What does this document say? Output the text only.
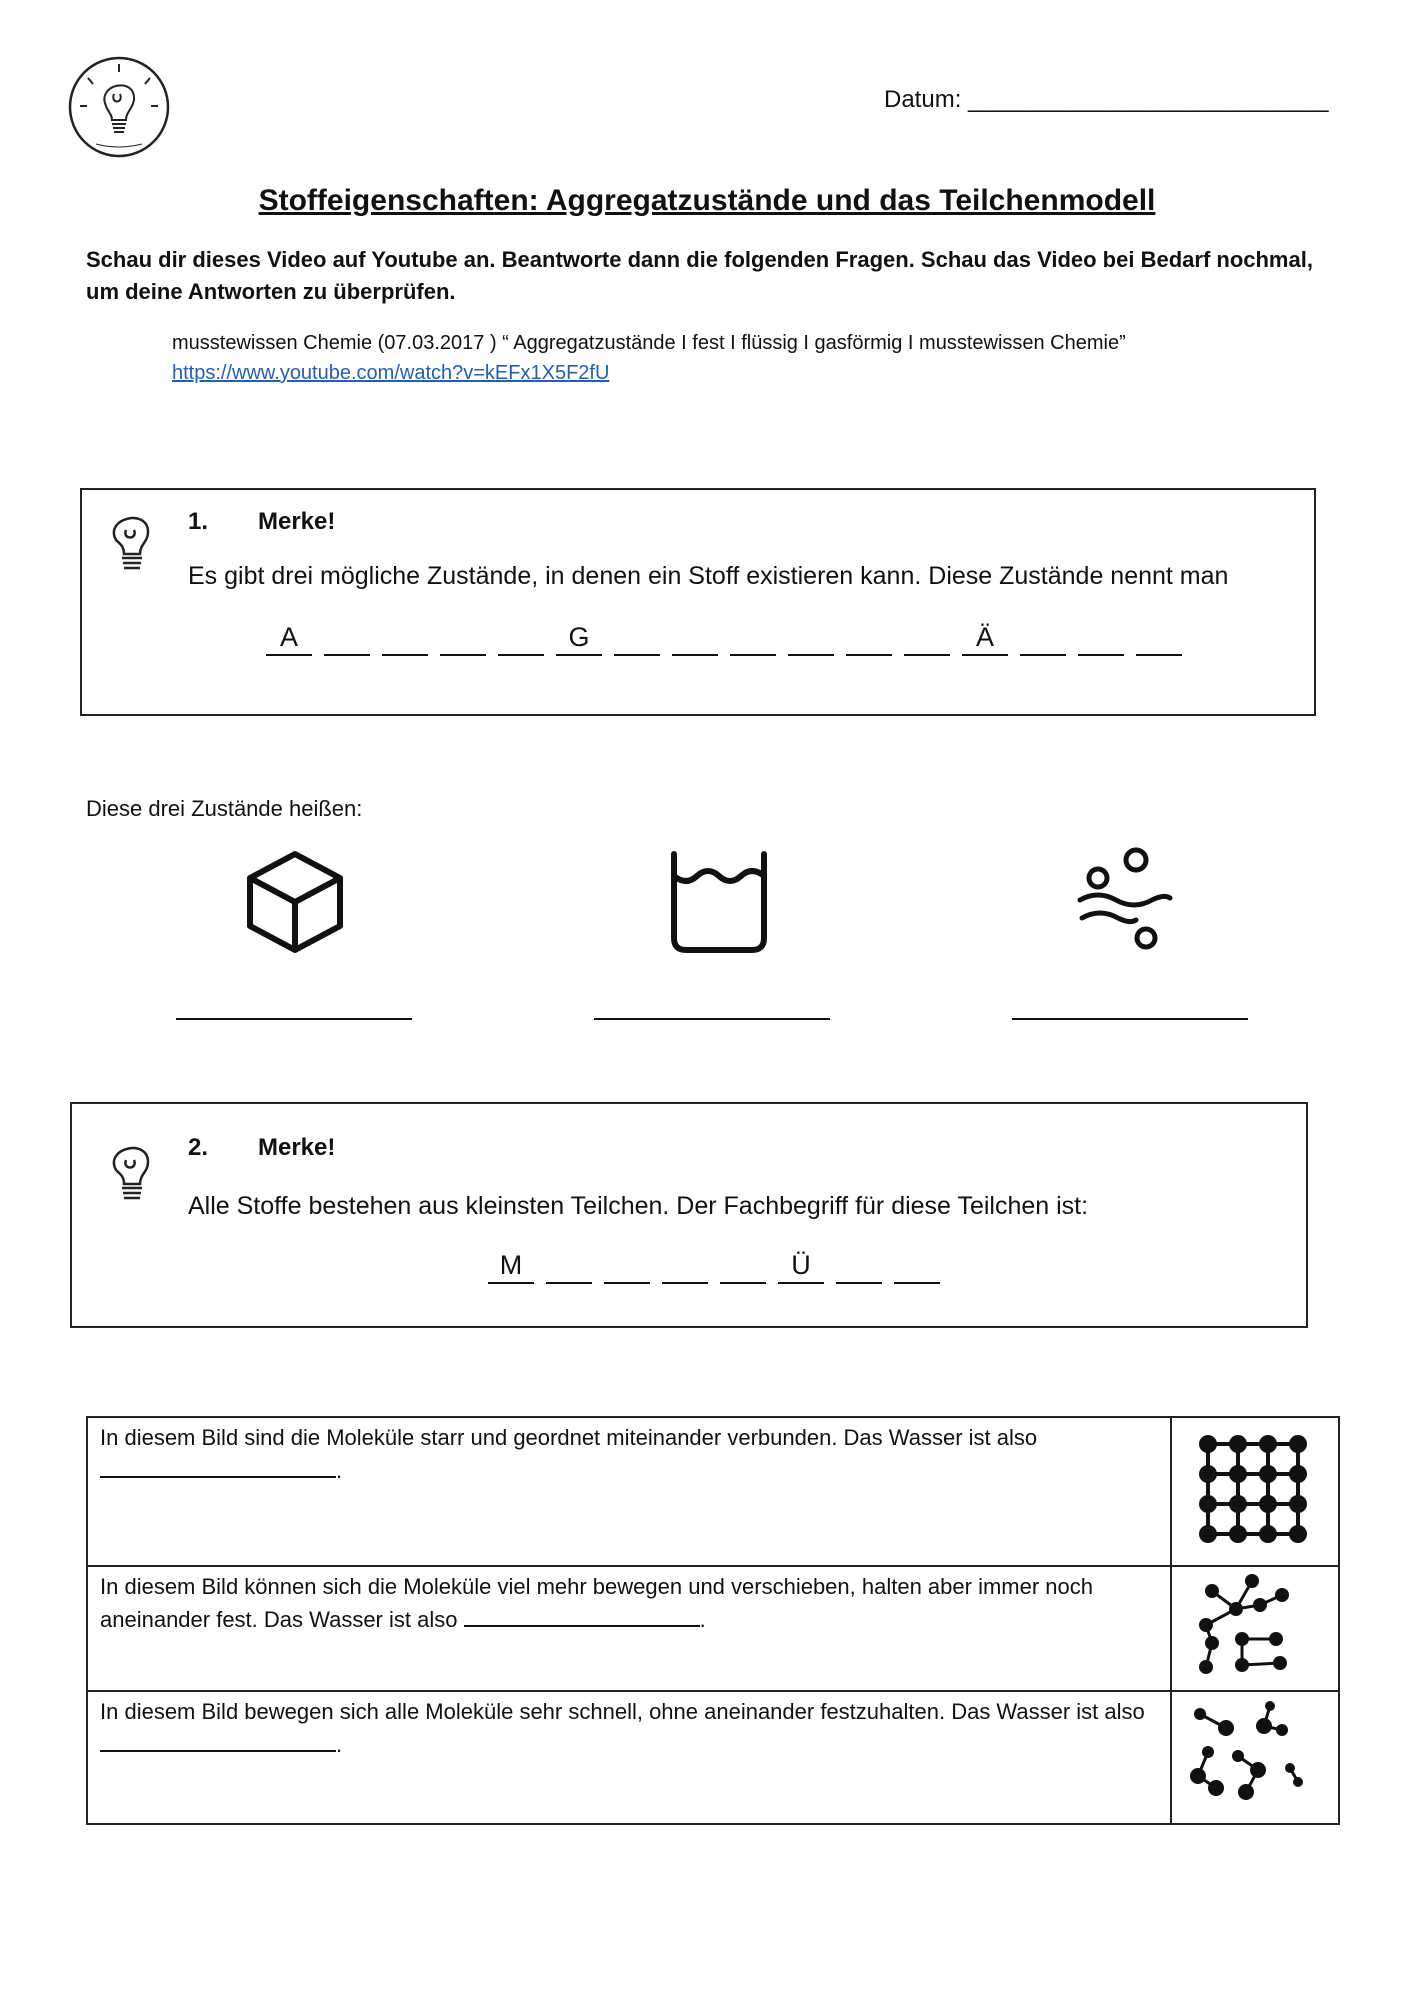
Datum: ___________________________
Stoffeigenschaften: Aggregatzustände und das Teilchenmodell
Schau dir dieses Video auf Youtube an. Beantworte dann die folgenden Fragen. Schau das Video bei Bedarf nochmal, um deine Antworten zu überprüfen.
musstewissen Chemie (07.03.2017 ) “ Aggregatzustände I fest I flüssig I gasförmig I musstewissen Chemie”
https://www.youtube.com/watch?v=kEFx1X5F2fU
1. Merke!
Es gibt drei mögliche Zustände, in denen ein Stoff existieren kann. Diese Zustände nennt man
A	G	Ä
Diese drei Zustände heißen:
2. Merke!
Alle Stoffe bestehen aus kleinsten Teilchen. Der Fachbegriff für diese Teilchen ist:
M	Ü
In diesem Bild sind die Moleküle starr und geordnet miteinander verbunden. Das Wasser ist also .	
In diesem Bild können sich die Moleküle viel mehr bewegen und verschieben, halten aber immer noch aneinander fest. Das Wasser ist also .	
In diesem Bild bewegen sich alle Moleküle sehr schnell, ohne aneinander festzuhalten. Das Wasser ist also .	
